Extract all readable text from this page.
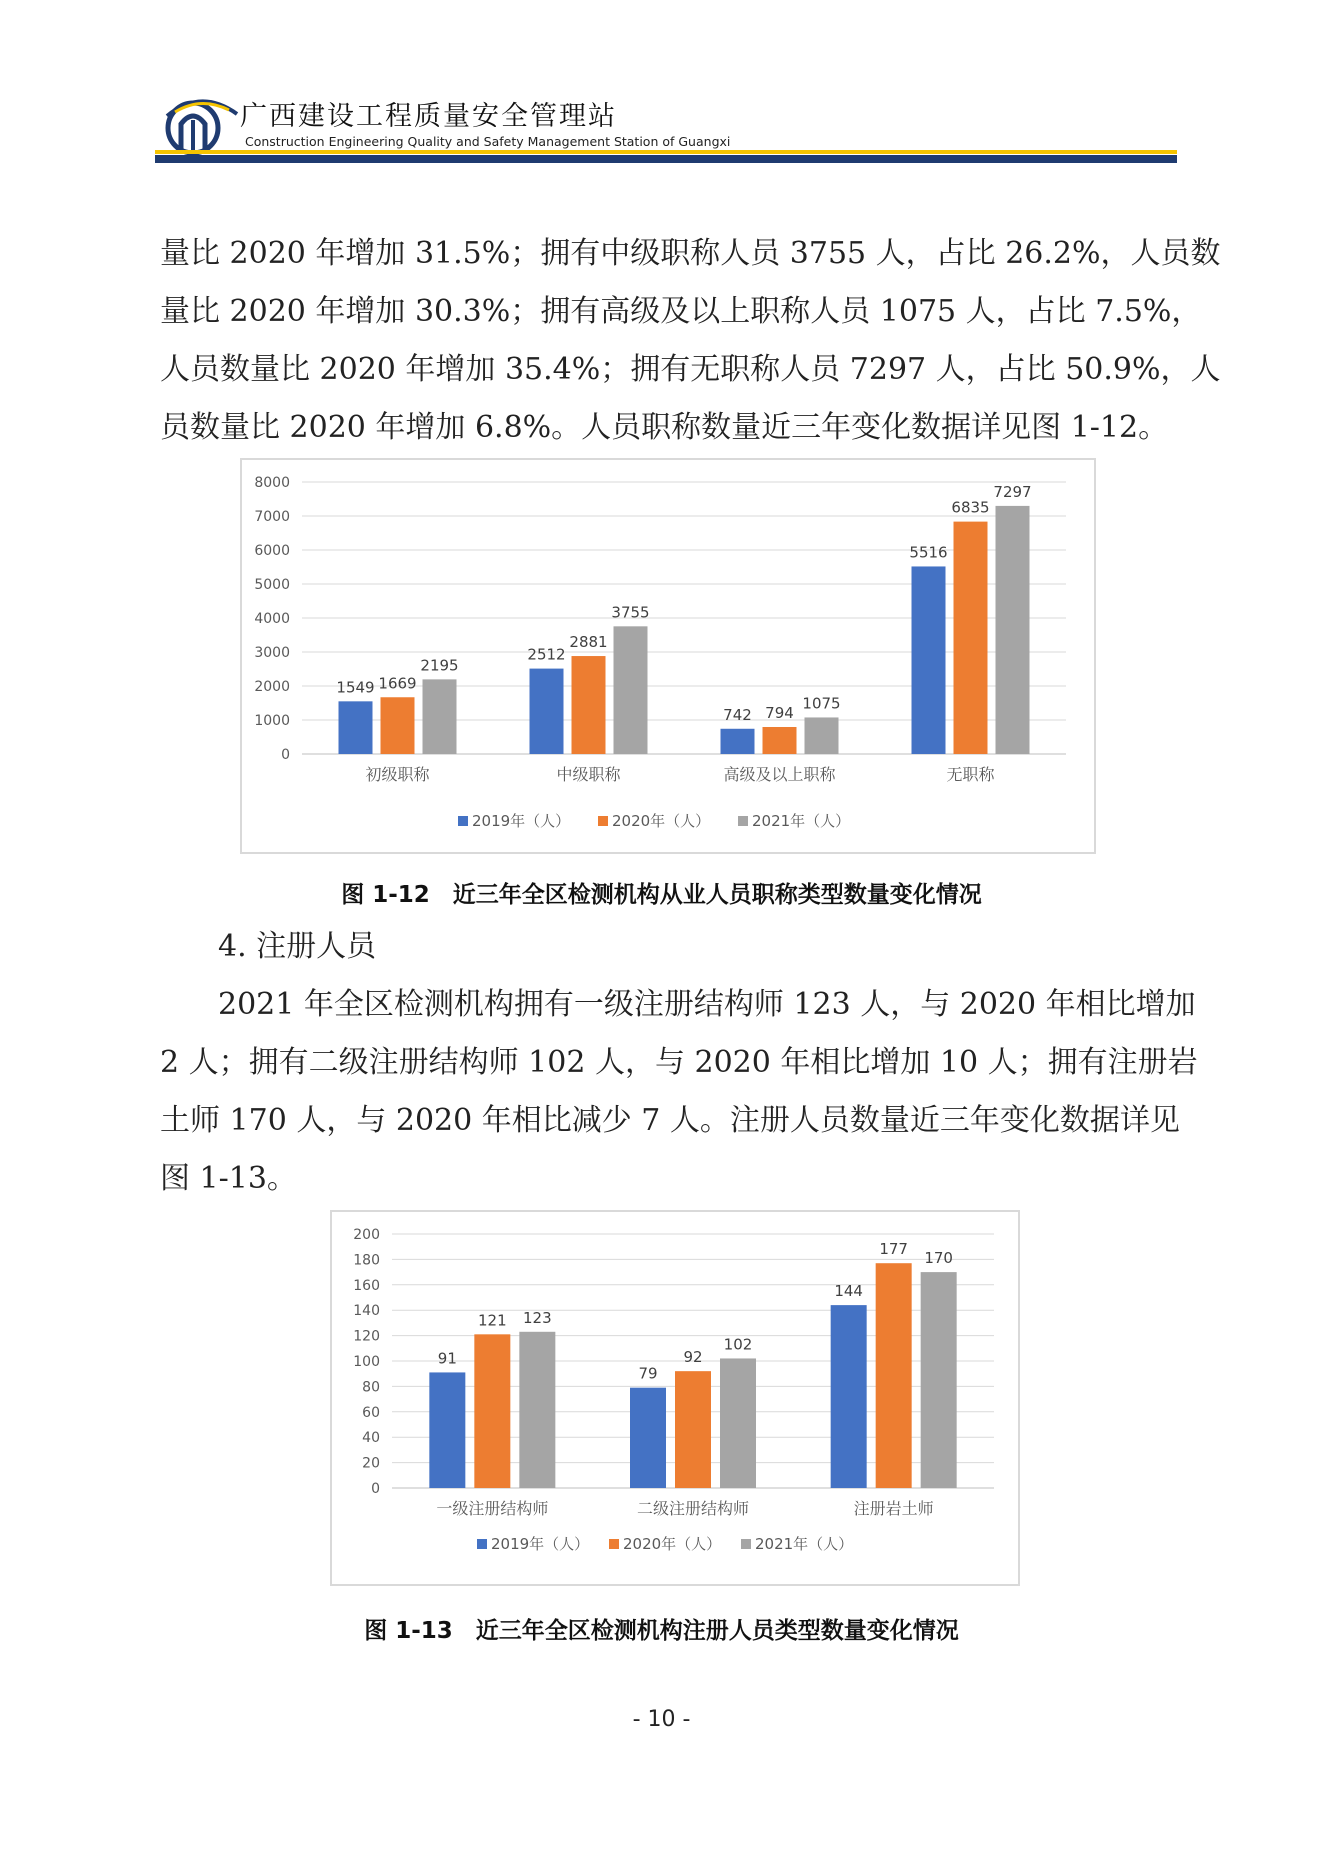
广西建设工程质量安全管理站
Construction Engineering Quality and Safety Management Station of Guangxi

量比 2020 年增加 31.5%；拥有中级职称人员 3755 人，占比 26.2%，人员数

量比 2020 年增加 30.3%；拥有高级及以上职称人员 1075 人，占比 7.5%，

人员数量比 2020 年增加 35.4%；拥有无职称人员 7297 人，占比 50.9%，人

员数量比 2020 年增加 6.8%。人员职称数量近三年变化数据详见图 1-12。

0
1000
2000
3000
4000
5000
6000
7000
8000
1549 1669
2195
初级职称
2512
2881
3755
中级职称
742 794
1075
高级及以上职称
5516
6835
7297
无职称
2019年（人）	2020年（人）	2021年（人）
图 1-12　近三年全区检测机构从业人员职称类型数量变化情况
4. 注册人员

2021 年全区检测机构拥有一级注册结构师 123 人，与 2020 年相比增加

2 人；拥有二级注册结构师 102 人，与 2020 年相比增加 10 人；拥有注册岩

土师 170 人，与 2020 年相比减少 7 人。注册人员数量近三年变化数据详见

图 1-13。

0
20
40
60
80
100
120
140
160
180
200
91
121 123
一级注册结构师
79
92
102
二级注册结构师
144
177 170
注册岩土师
2019年（人） 2020年（人） 2021年（人）
图 1-13　近三年全区检测机构注册人员类型数量变化情况
- 10 -
